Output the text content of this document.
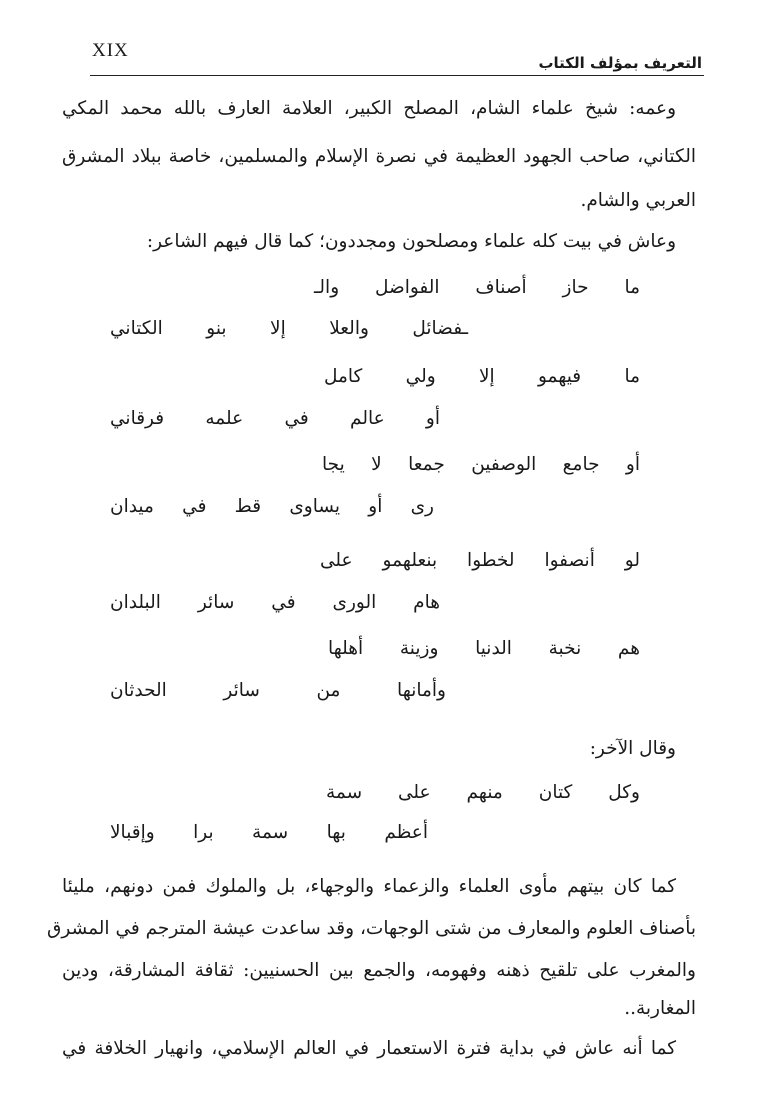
XIX
التعريف بمؤلف الكتاب
وعمه: شيخ علماء الشام، المصلح الكبير، العلامة العارف بالله محمد المكي
الكتاني، صاحب الجهود العظيمة في نصرة الإسلام والمسلمين، خاصة ببلاد المشرق
العربي والشام.
وعاش في بيت كله علماء ومصلحون ومجددون؛ كما قال فيهم الشاعر:
ما حاز أصناف الفواضل والـ
ـفضائل والعلا إلا بنو الكتاني
ما فيهمو إلا ولي كامل
أو عالم في علمه فرقاني
أو جامع الوصفين جمعا لا يجا
رى أو يساوى قط في ميدان
لو أنصفوا لخطوا بنعلهمو على
هام الورى في سائر البلدان
هم نخبة الدنيا وزينة أهلها
وأمانها من سائر الحدثان
وقال الآخر:
وكل كتان منهم على سمة
أعظم بها سمة برا وإقبالا
كما كان بيتهم مأوى العلماء والزعماء والوجهاء، بل والملوك فمن دونهم، مليئا
بأصناف العلوم والمعارف من شتى الوجهات، وقد ساعدت عيشة المترجم في المشرق
والمغرب على تلقيح ذهنه وفهومه، والجمع بين الحسنيين: ثقافة المشارقة، ودين
المغاربة..
كما أنه عاش في بداية فترة الاستعمار في العالم الإسلامي، وانهيار الخلافة في
